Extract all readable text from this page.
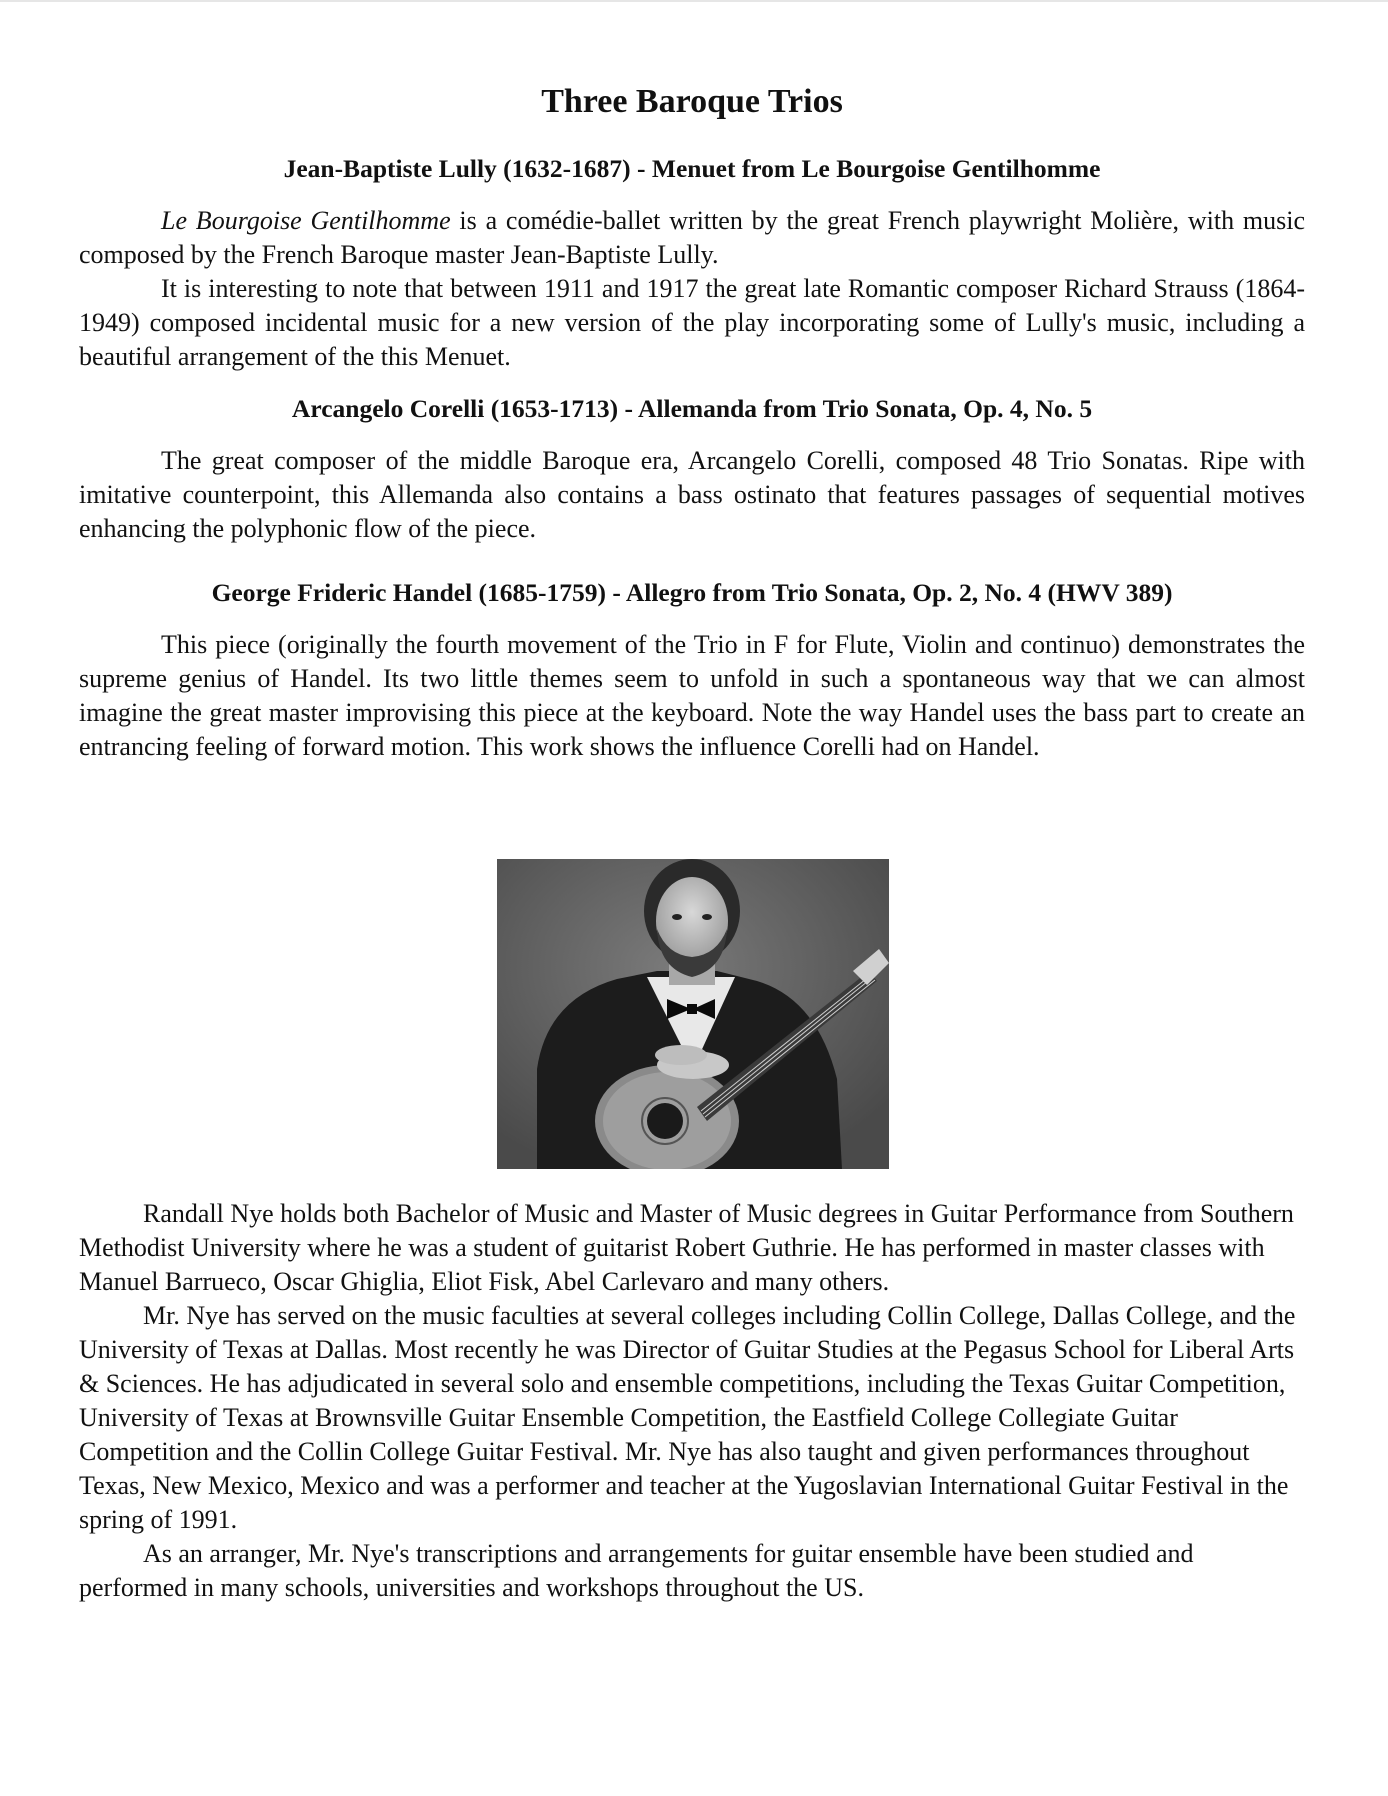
Three Baroque Trios
Jean-Baptiste Lully (1632-1687) - Menuet from Le Bourgoise Gentilhomme

Le Bourgoise Gentilhomme is a comédie-ballet written by the great French playwright Molière, with music composed by the French Baroque master Jean-Baptiste Lully.

It is interesting to note that between 1911 and 1917 the great late Romantic composer Richard Strauss (1864-1949) composed incidental music for a new version of the play incorporating some of Lully's music, including a beautiful arrangement of the this Menuet.

Arcangelo Corelli (1653-1713) - Allemanda from Trio Sonata, Op. 4, No. 5

The great composer of the middle Baroque era, Arcangelo Corelli, composed 48 Trio Sonatas. Ripe with imitative counterpoint, this Allemanda also contains a bass ostinato that features passages of sequential motives enhancing the polyphonic flow of the piece.

George Frideric Handel (1685-1759) - Allegro from Trio Sonata, Op. 2, No. 4 (HWV 389)

This piece (originally the fourth movement of the Trio in F for Flute, Violin and continuo) demonstrates the supreme genius of Handel. Its two little themes seem to unfold in such a spontaneous way that we can almost imagine the great master improvising this piece at the keyboard. Note the way Handel uses the bass part to create an entrancing feeling of forward motion. This work shows the influence Corelli had on Handel.

Randall Nye holds both Bachelor of Music and Master of Music degrees in Guitar Performance from Southern Methodist University where he was a student of guitarist Robert Guthrie. He has performed in master classes with Manuel Barrueco, Oscar Ghiglia, Eliot Fisk, Abel Carlevaro and many others.

Mr. Nye has served on the music faculties at several colleges including Collin College, Dallas College, and the University of Texas at Dallas. Most recently he was Director of Guitar Studies at the Pegasus School for Liberal Arts & Sciences. He has adjudicated in several solo and ensemble competitions, including the Texas Guitar Competition, University of Texas at Brownsville Guitar Ensemble Competition, the Eastfield College Collegiate Guitar Competition and the Collin College Guitar Festival. Mr. Nye has also taught and given performances throughout Texas, New Mexico, Mexico and was a performer and teacher at the Yugoslavian International Guitar Festival in the spring of 1991.

As an arranger, Mr. Nye's transcriptions and arrangements for guitar ensemble have been studied and performed in many schools, universities and workshops throughout the US.
